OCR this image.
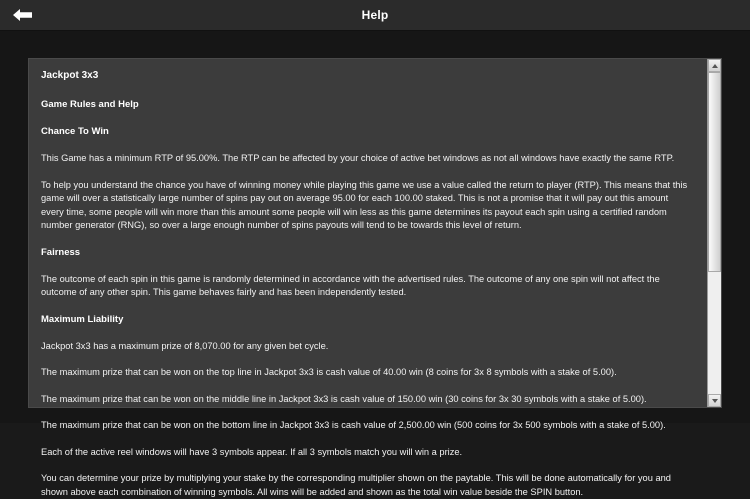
Help
Jackpot 3x3
Game Rules and Help
Chance To Win

This Game has a minimum RTP of 95.00%. The RTP can be affected by your choice of active bet windows as not all windows have exactly the same RTP.

To help you understand the chance you have of winning money while playing this game we use a value called the return to player (RTP). This means that this game will over a statistically large number of spins pay out on average 95.00 for each 100.00 staked. This is not a promise that it will pay out this amount every time, some people will win more than this amount some people will win less as this game determines its payout each spin using a certified random number generator (RNG), so over a large enough number of spins payouts will tend to be towards this level of return.

Fairness

The outcome of each spin in this game is randomly determined in accordance with the advertised rules. The outcome of any one spin will not affect the outcome of any other spin. This game behaves fairly and has been independently tested.

Maximum Liability

Jackpot 3x3 has a maximum prize of 8,070.00 for any given bet cycle.

The maximum prize that can be won on the top line in Jackpot 3x3 is cash value of 40.00 win (8 coins for 3x 8 symbols with a stake of 5.00).

The maximum prize that can be won on the middle line in Jackpot 3x3 is cash value of 150.00 win (30 coins for 3x 30 symbols with a stake of 5.00).

The maximum prize that can be won on the bottom line in Jackpot 3x3 is cash value of 2,500.00 win (500 coins for 3x 500 symbols with a stake of 5.00).

Each of the active reel windows will have 3 symbols appear. If all 3 symbols match you will win a prize.

You can determine your prize by multiplying your stake by the corresponding multiplier shown on the paytable. This will be done automatically for you and shown above each combination of winning symbols. All wins will be added and shown as the total win value beside the SPIN button.
